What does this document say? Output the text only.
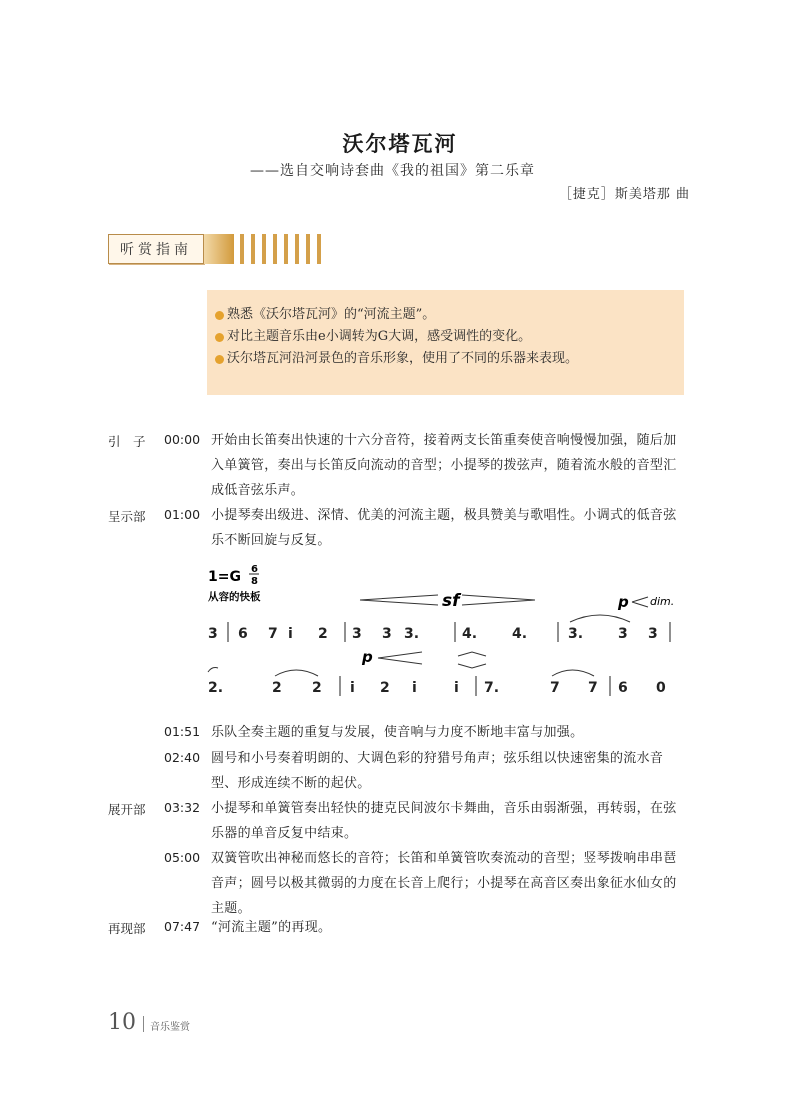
沃尔塔瓦河
——选自交响诗套曲《我的祖国》第二乐章
［捷克］斯美塔那 曲
听赏指南
熟悉《沃尔塔瓦河》的“河流主题”。
对比主题音乐由e小调转为G大调，感受调性的变化。
沃尔塔瓦河沿河景色的音乐形象，使用了不同的乐器来表现。
引　子	00:00 开始由长笛奏出快速的十六分音符，接着两支长笛重奏使音响慢慢加强，随后加
入单簧管，奏出与长笛反向流动的音型；小提琴的拨弦声，随着流水般的音型汇
成低音弦乐声。
呈示部	01:00 小提琴奏出级进、深情、优美的河流主题，极具赞美与歌唱性。小调式的低音弦
乐不断回旋与反复。
1=G 6
8
从容的快板	sf	p dim.
3 6 7 i 2 3 3 3.	4. 4.	3. 3 3
p
2.	2 2 i 2 i	i 7.	7 7 6 0
01:51 乐队全奏主题的重复与发展，使音响与力度不断地丰富与加强。
02:40 圆号和小号奏着明朗的、大调色彩的狩猎号角声；弦乐组以快速密集的流水音
型、形成连续不断的起伏。
展开部	03:32 小提琴和单簧管奏出轻快的捷克民间波尔卡舞曲，音乐由弱渐强，再转弱，在弦
乐器的单音反复中结束。
05:00 双簧管吹出神秘而悠长的音符；长笛和单簧管吹奏流动的音型；竖琴拨响串串琶
音声；圆号以极其微弱的力度在长音上爬行；小提琴在高音区奏出象征水仙女的
主题。
再现部	07:47 “河流主题”的再现。
10 音乐鉴赏
